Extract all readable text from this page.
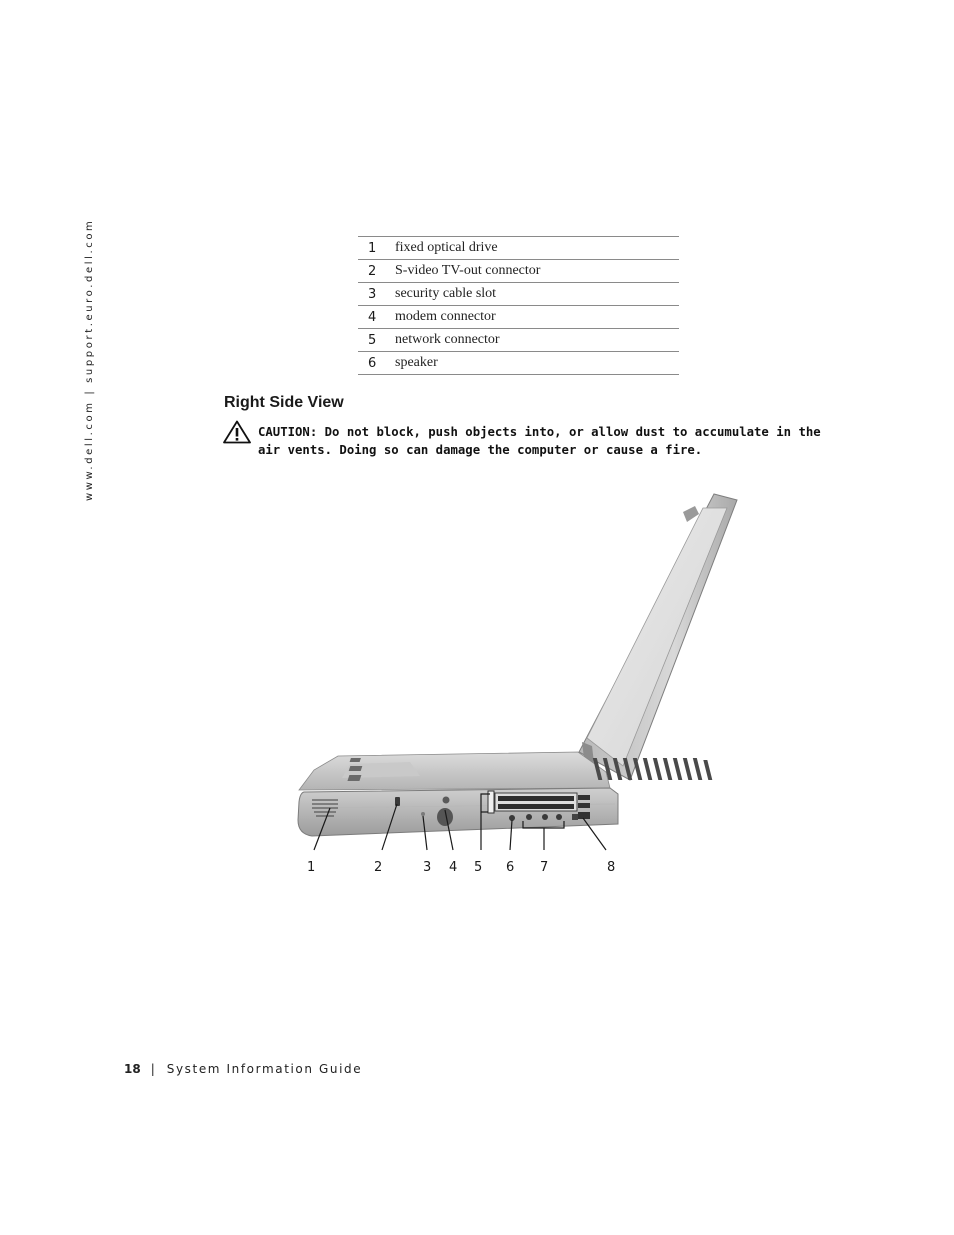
www.dell.com | support.euro.dell.com	1	fixed optical drive
2	S-video TV-out connector
3	security cable slot
4	modem connector
5	network connector
6	speaker
Right Side View

CAUTION: Do not block, push objects into, or allow dust to accumulate in the air vents. Doing so can damage the computer or cause a fire.

1	2	3 4 5 6 7	8
18 | System Information Guide
